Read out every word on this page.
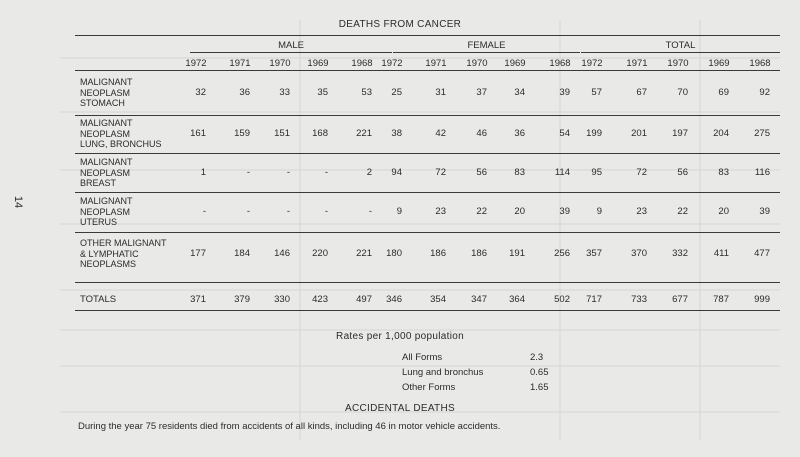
14
DEATHS FROM CANCER
MALE	FEMALE	TOTAL
1972	1971	1970	1969	1968 1972	1971	1970	1969	1968	1972	1971	1970	1969	1968
MALIGNANT
NEOPLASM
STOMACH
32	36	33	35	53	25	31	37	34	39	57	67	70	69	92
MALIGNANT
NEOPLASM
LUNG, BRONCHUS
161	159	151	168	221	38	42	46	36	54	199	201	197	204	275
MALIGNANT
NEOPLASM
BREAST
1	-	-	-	2	94	72	56	83	114	95	72	56	83	116
MALIGNANT
NEOPLASM
UTERUS
-	-	-	-	-	9	23	22	20	39	9	23	22	20	39
OTHER MALIGNANT
& LYMPHATIC
NEOPLASMS
177	184	146	220	221	180	186	186	191	256	357	370	332	411	477
TOTALS	371	379	330	423	497	346	354	347	364	502	717	733	677	787	999
Rates per 1,000 population
All Forms	2.3
Lung and bronchus	0.65
Other Forms	1.65
ACCIDENTAL DEATHS
During the year 75 residents died from accidents of all kinds, including 46 in motor vehicle accidents.
